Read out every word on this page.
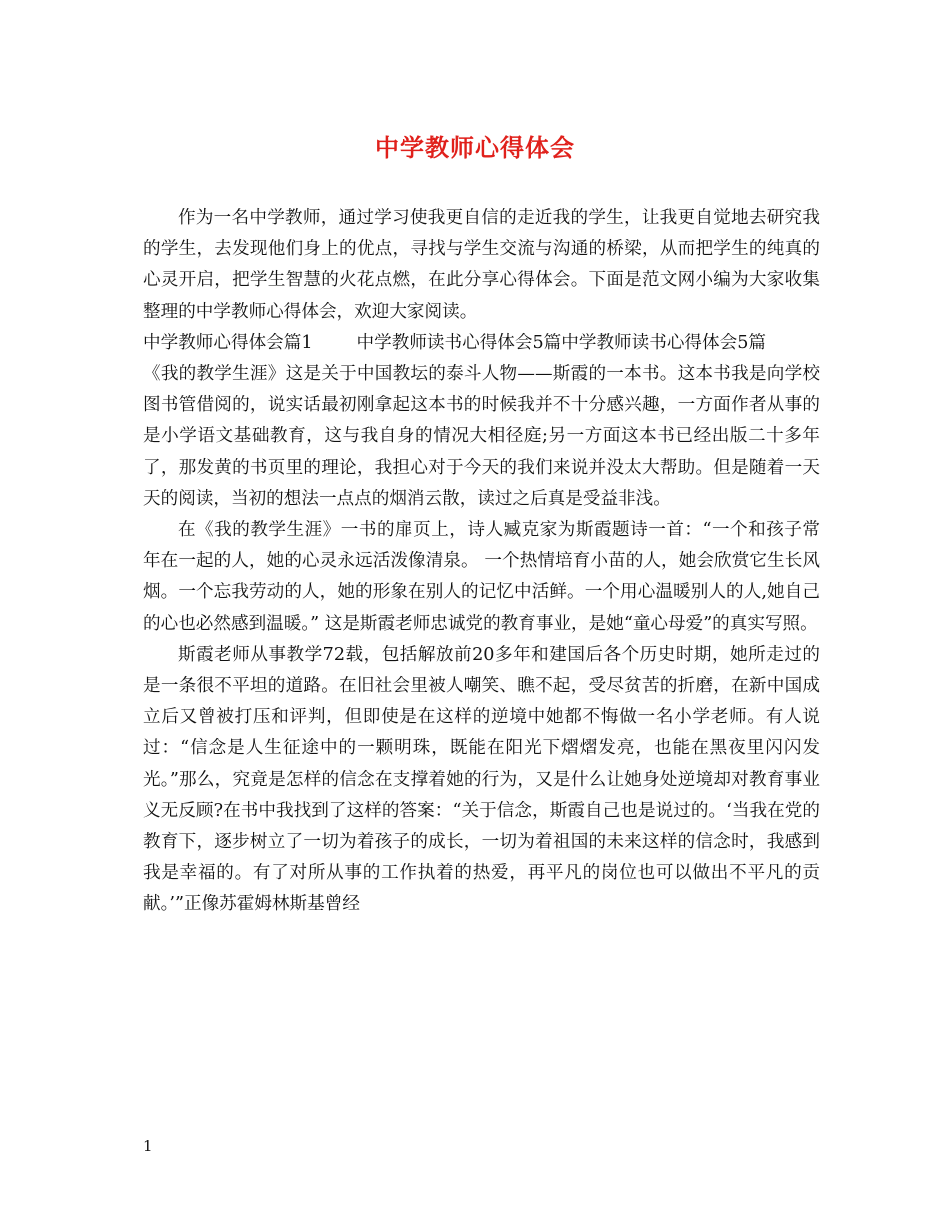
中学教师心得体会

作为一名中学教师，通过学习使我更自信的走近我的学生，让我更自觉地去研究我的学生，去发现他们身上的优点，寻找与学生交流与沟通的桥梁，从而把学生的纯真的心灵开启，把学生智慧的火花点燃，在此分享心得体会。下面是范文网小编为大家收集整理的中学教师心得体会，欢迎大家阅读。

中学教师心得体会篇1	中学教师读书心得体会5篇中学教师读书心得体会5篇

《我的教学生涯》这是关于中国教坛的泰斗人物——斯霞的一本书。这本书我是向学校图书管借阅的，说实话最初刚拿起这本书的时候我并不十分感兴趣，一方面作者从事的是小学语文基础教育，这与我自身的情况大相径庭;另一方面这本书已经出版二十多年了，那发黄的书页里的理论，我担心对于今天的我们来说并没太大帮助。但是随着一天天的阅读，当初的想法一点点的烟消云散，读过之后真是受益非浅。

在《我的教学生涯》一书的扉页上，诗人臧克家为斯霞题诗一首：“一个和孩子常年在一起的人，她的心灵永远活泼像清泉。 一个热情培育小苗的人，她会欣赏它生长风烟。一个忘我劳动的人，她的形象在别人的记忆中活鲜。一个用心温暖别人的人,她自己的心也必然感到温暖。” 这是斯霞老师忠诚党的教育事业，是她“童心母爱”的真实写照。

斯霞老师从事教学72载，包括解放前20多年和建国后各个历史时期，她所走过的是一条很不平坦的道路。在旧社会里被人嘲笑、瞧不起，受尽贫苦的折磨，在新中国成立后又曾被打压和评判，但即使是在这样的逆境中她都不悔做一名小学老师。有人说过：“信念是人生征途中的一颗明珠，既能在阳光下熠熠发亮，也能在黑夜里闪闪发光。”那么，究竟是怎样的信念在支撑着她的行为，又是什么让她身处逆境却对教育事业义无反顾?在书中我找到了这样的答案：“关于信念，斯霞自己也是说过的。‘当我在党的教育下，逐步树立了一切为着孩子的成长，一切为着祖国的未来这样的信念时，我感到我是幸福的。有了对所从事的工作执着的热爱，再平凡的岗位也可以做出不平凡的贡献。’”正像苏霍姆林斯基曾经

1
